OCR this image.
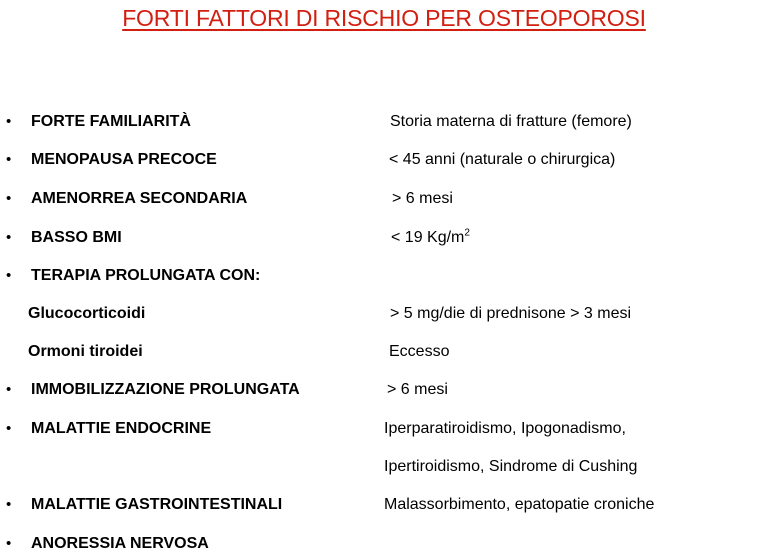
FORTI FATTORI DI RISCHIO PER OSTEOPOROSI
• FORTE FAMILIARITÀ	Storia materna di fratture (femore)
• MENOPAUSA PRECOCE	< 45 anni (naturale o chirurgica)
• AMENORREA SECONDARIA	> 6 mesi
• BASSO BMI	< 19 $Kg/m^2$
• TERAPIA PROLUNGATA CON:
Glucocorticoidi	> 5 mg/die di prednisone > 3 mesi
Ormoni tiroidei	Eccesso
• IMMOBILIZZAZIONE PROLUNGATA	> 6 mesi
• MALATTIE ENDOCRINE	Iperparatiroidismo, Ipogonadismo,
Ipertiroidismo, Sindrome di Cushing
• MALATTIE GASTROINTESTINALI	Malassorbimento, epatopatie croniche
• ANORESSIA NERVOSA
